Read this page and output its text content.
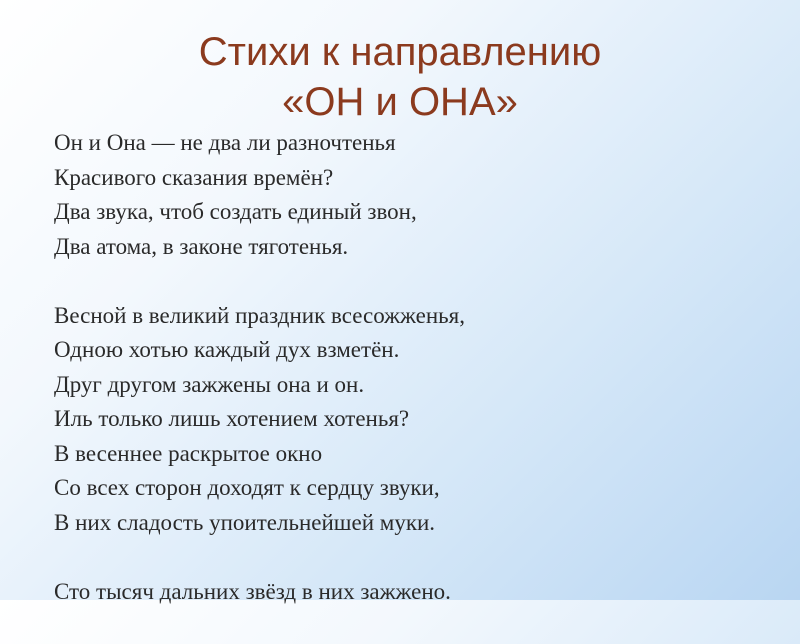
Стихи к направлению
«ОН и ОНА»
Он и Она — не два ли разночтенья
Красивого сказания времён?
Два звука, чтоб создать единый звон,
Два атома, в законе тяготенья.
Весной в великий праздник всесожженья,
Одною хотью каждый дух взметён.
Друг другом зажжены она и он.
Иль только лишь хотением хотенья?
В весеннее раскрытое окно
Со всех сторон доходят к сердцу звуки,
В них сладость упоительнейшей муки.
Сто тысяч дальних звёзд в них зажжено.
